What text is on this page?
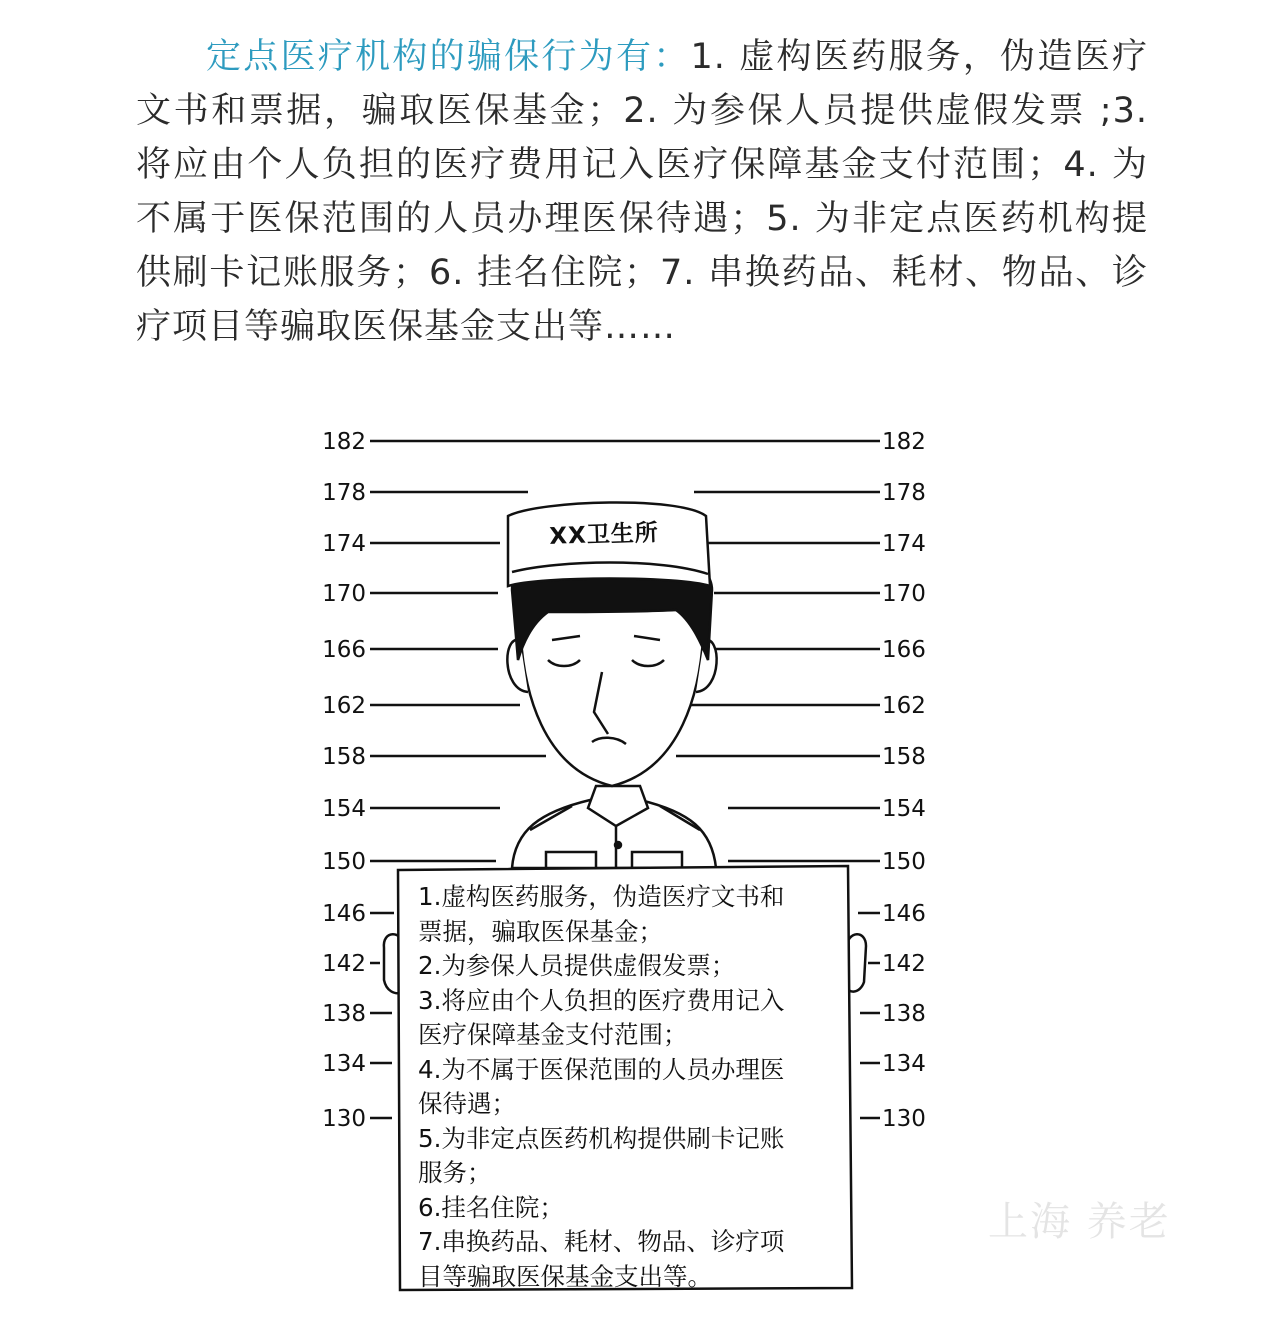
定点医疗机构的骗保行为有：1. 虚构医药服务，伪造医疗文书和票据，骗取医保基金；2. 为参保人员提供虚假发票 ;3. 将应由个人负担的医疗费用记入医疗保障基金支付范围；4. 为不属于医保范围的人员办理医保待遇；5. 为非定点医药机构提供刷卡记账服务；6. 挂名住院；7. 串换药品、耗材、物品、诊疗项目等骗取医保基金支出等……
182	182
178	178
174	174
170	170
166	166
162	162
158	158
154	154
150	150
146	146
142	142
138	138
134	134
130	130
XX卫生所
1.虚构医药服务，伪造医疗文书和
票据，骗取医保基金；
2.为参保人员提供虚假发票；
3.将应由个人负担的医疗费用记入
医疗保障基金支付范围；
4.为不属于医保范围的人员办理医
保待遇；
5.为非定点医药机构提供刷卡记账
服务；
6.挂名住院；
7.串换药品、耗材、物品、诊疗项
目等骗取医保基金支出等。
上海 养老
